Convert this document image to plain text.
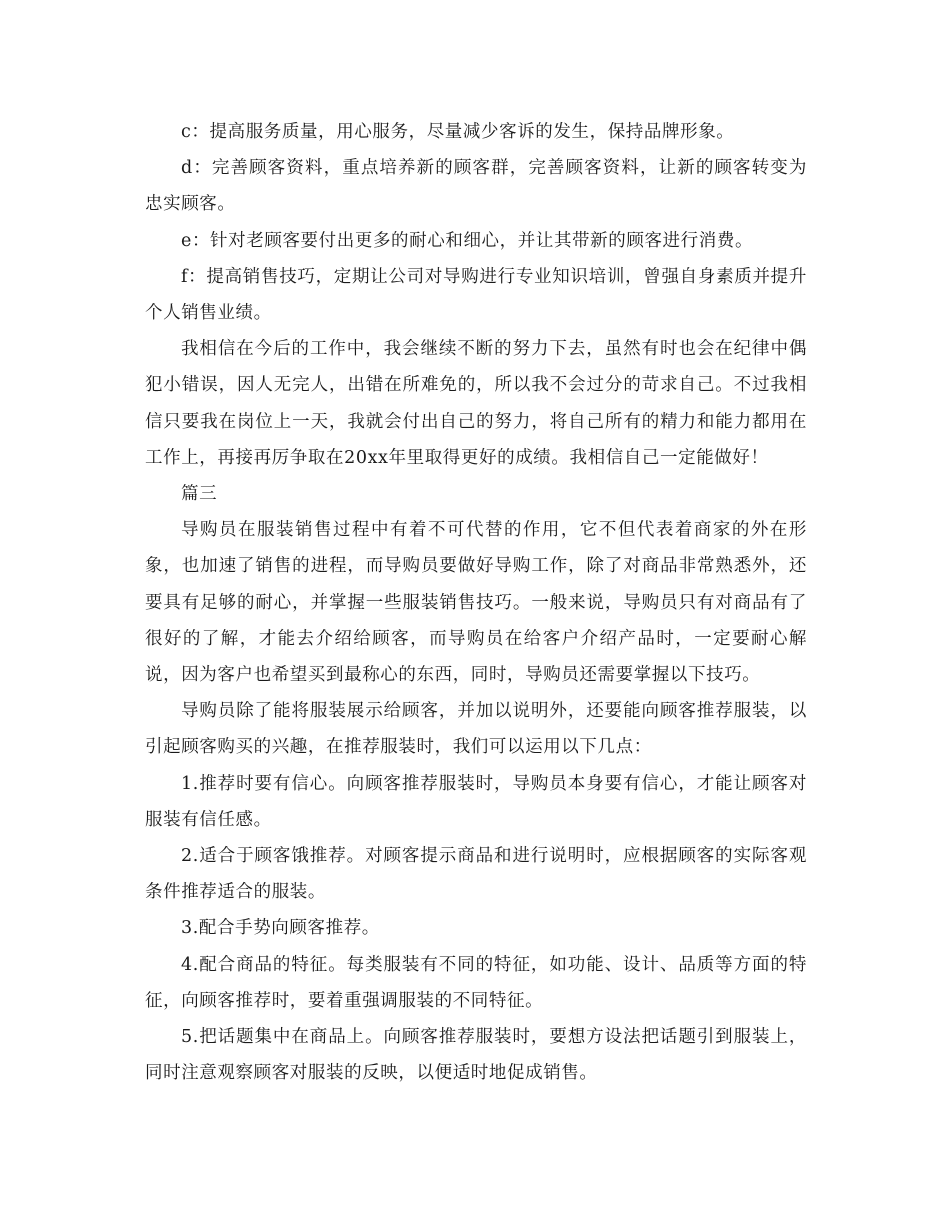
c：提高服务质量，用心服务，尽量减少客诉的发生，保持品牌形象。

d：完善顾客资料，重点培养新的顾客群，完善顾客资料，让新的顾客转变为忠实顾客。

e：针对老顾客要付出更多的耐心和细心，并让其带新的顾客进行消费。

f：提高销售技巧，定期让公司对导购进行专业知识培训，曾强自身素质并提升个人销售业绩。

我相信在今后的工作中，我会继续不断的努力下去，虽然有时也会在纪律中偶犯小错误，因人无完人，出错在所难免的，所以我不会过分的苛求自己。不过我相信只要我在岗位上一天，我就会付出自己的努力，将自己所有的精力和能力都用在工作上，再接再厉争取在20xx年里取得更好的成绩。我相信自己一定能做好！

篇三

导购员在服装销售过程中有着不可代替的作用，它不但代表着商家的外在形象，也加速了销售的进程，而导购员要做好导购工作，除了对商品非常熟悉外，还要具有足够的耐心，并掌握一些服装销售技巧。一般来说，导购员只有对商品有了很好的了解，才能去介绍给顾客，而导购员在给客户介绍产品时，一定要耐心解说，因为客户也希望买到最称心的东西，同时，导购员还需要掌握以下技巧。

导购员除了能将服装展示给顾客，并加以说明外，还要能向顾客推荐服装，以引起顾客购买的兴趣，在推荐服装时，我们可以运用以下几点：

1.推荐时要有信心。向顾客推荐服装时，导购员本身要有信心，才能让顾客对服装有信任感。

2.适合于顾客饿推荐。对顾客提示商品和进行说明时，应根据顾客的实际客观条件推荐适合的服装。

3.配合手势向顾客推荐。

4.配合商品的特征。每类服装有不同的特征，如功能、设计、品质等方面的特征，向顾客推荐时，要着重强调服装的不同特征。

5.把话题集中在商品上。向顾客推荐服装时，要想方设法把话题引到服装上，同时注意观察顾客对服装的反映，以便适时地促成销售。
